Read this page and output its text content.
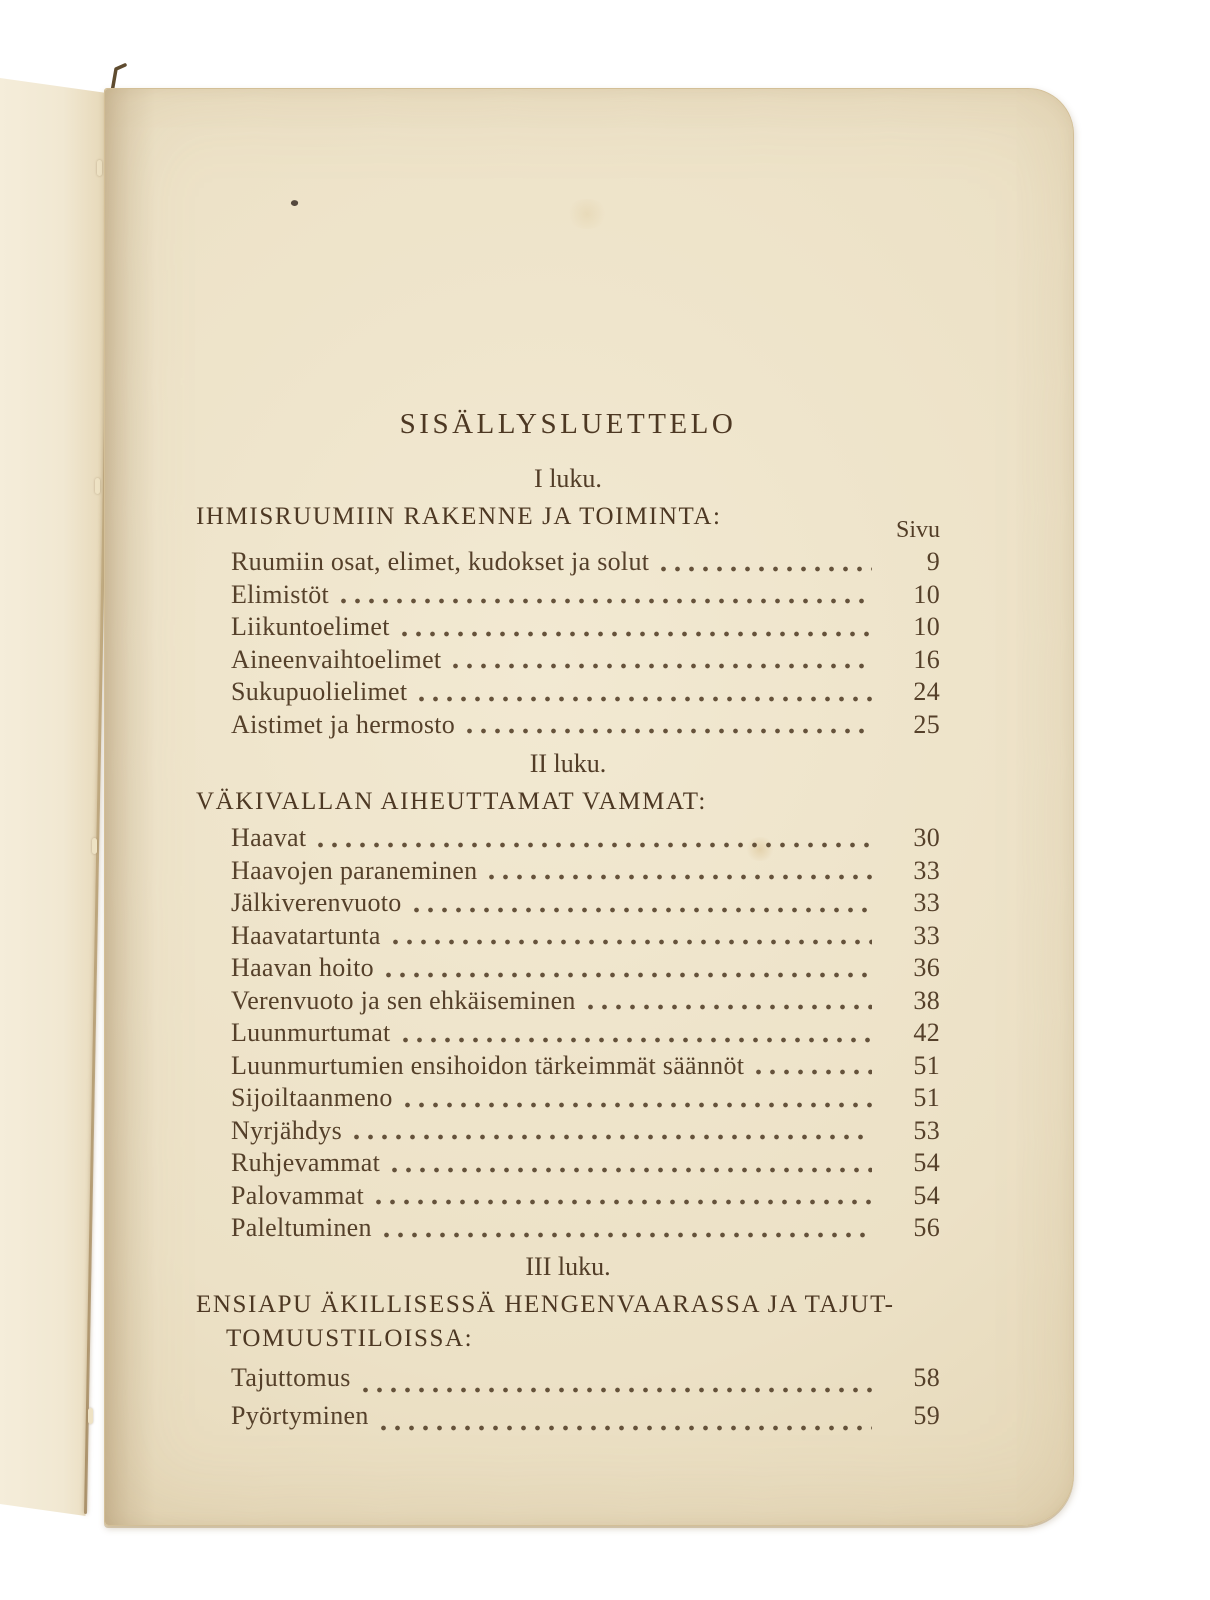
SISÄLLYSLUETTELO
I luku.
IHMISRUUMIIN RAKENNE JA TOIMINTA:	Sivu
Ruumiin osat, elimet, kudokset ja solut	9
Elimistöt	10
Liikuntoelimet	10
Aineenvaihtoelimet	16
Sukupuolielimet	24
Aistimet ja hermosto	25
II luku.
VÄKIVALLAN AIHEUTTAMAT VAMMAT:
Haavat	30
Haavojen paraneminen	33
Jälkiverenvuoto	33
Haavatartunta	33
Haavan hoito	36
Verenvuoto ja sen ehkäiseminen	38
Luunmurtumat	42
Luunmurtumien ensihoidon tärkeimmät säännöt	51
Sijoiltaanmeno	51
Nyrjähdys	53
Ruhjevammat	54
Palovammat	54
Paleltuminen	56
III luku.
ENSIAPU ÄKILLISESSÄ HENGENVAARASSA JA TAJUT-
TOMUUSTILOISSA:
Tajuttomus	58
Pyörtyminen	59
